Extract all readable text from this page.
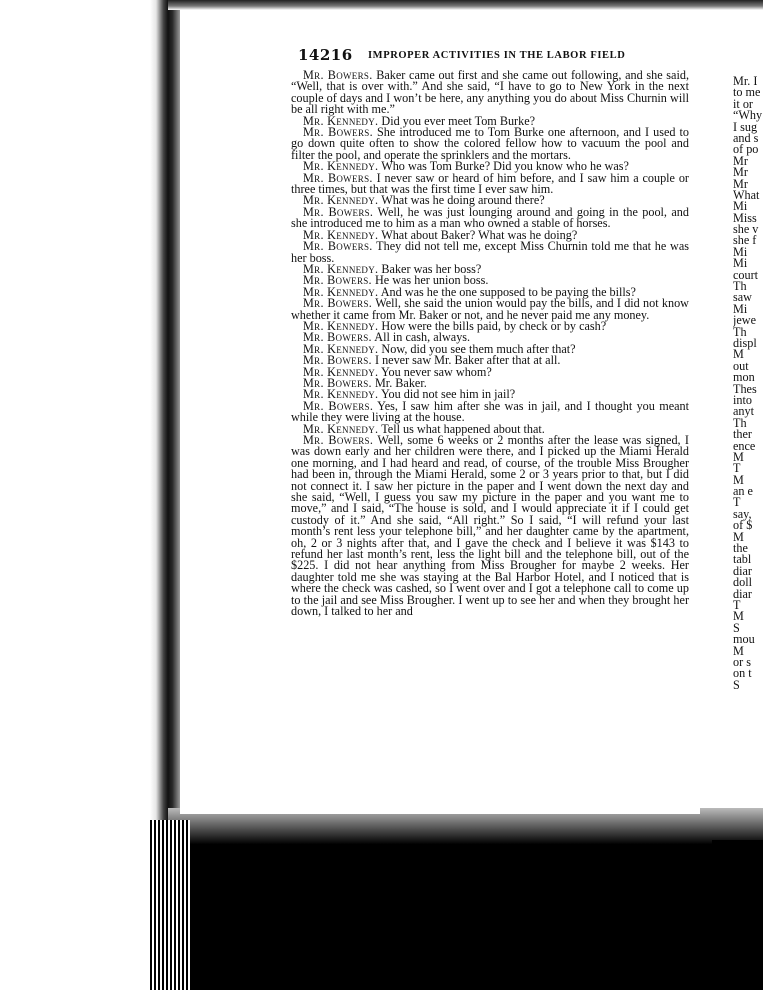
14216 IMPROPER ACTIVITIES IN THE LABOR FIELD

Mr. Bowers. Baker came out first and she came out following, and she said, “Well, that is over with.” And she said, “I have to go to New York in the next couple of days and I won’t be here, any anything you do about Miss Churnin will be all right with me.”

Mr. Kennedy. Did you ever meet Tom Burke?

Mr. Bowers. She introduced me to Tom Burke one afternoon, and I used to go down quite often to show the colored fellow how to vacuum the pool and filter the pool, and operate the sprinklers and the mortars.

Mr. Kennedy. Who was Tom Burke? Did you know who he was?

Mr. Bowers. I never saw or heard of him before, and I saw him a couple or three times, but that was the first time I ever saw him.

Mr. Kennedy. What was he doing around there?

Mr. Bowers. Well, he was just lounging around and going in the pool, and she introduced me to him as a man who owned a stable of horses.

Mr. Kennedy. What about Baker? What was he doing?

Mr. Bowers. They did not tell me, except Miss Churnin told me that he was her boss.

Mr. Kennedy. Baker was her boss?

Mr. Bowers. He was her union boss.

Mr. Kennedy. And was he the one supposed to be paying the bills?

Mr. Bowers. Well, she said the union would pay the bills, and I did not know whether it came from Mr. Baker or not, and he never paid me any money.

Mr. Kennedy. How were the bills paid, by check or by cash?

Mr. Bowers. All in cash, always.

Mr. Kennedy. Now, did you see them much after that?

Mr. Bowers. I never saw Mr. Baker after that at all.

Mr. Kennedy. You never saw whom?

Mr. Bowers. Mr. Baker.

Mr. Kennedy. You did not see him in jail?

Mr. Bowers. Yes, I saw him after she was in jail, and I thought you meant while they were living at the house.

Mr. Kennedy. Tell us what happened about that.

Mr. Bowers. Well, some 6 weeks or 2 months after the lease was signed, I was down early and her children were there, and I picked up the Miami Herald one morning, and I had heard and read, of course, of the trouble Miss Brougher had been in, through the Miami Herald, some 2 or 3 years prior to that, but I did not connect it. I saw her picture in the paper and I went down the next day and she said, “Well, I guess you saw my picture in the paper and you want me to move,” and I said, “The house is sold, and I would appreciate it if I could get custody of it.” And she said, “All right.” So I said, “I will refund your last month’s rent less your telephone bill,” and her daughter came by the apartment, oh, 2 or 3 nights after that, and I gave the check and I believe it was $143 to refund her last month’s rent, less the light bill and the telephone bill, out of the $225. I did not hear anything from Miss Brougher for maybe 2 weeks. Her daughter told me she was staying at the Bal Harbor Hotel, and I noticed that is where the check was cashed, so I went over and I got a telephone call to come up to the jail and see Miss Brougher. I went up to see her and when they brought her down, I talked to her and

Mr. I
to me
it or
“Why
I sug
and s
of po
Mr
Mr
Mr
What
Mi
Miss
she v
she f
Mi
Mi
court
Th
saw
Mi
jewe
Th
displ
M
out
mon
Thes
into
anyt
Th
ther
ence
M
T
M
an e
T
say,
of $
M
the
tabl
diar
doll
diar
T
M
S
mou
M
or s
on t
S
